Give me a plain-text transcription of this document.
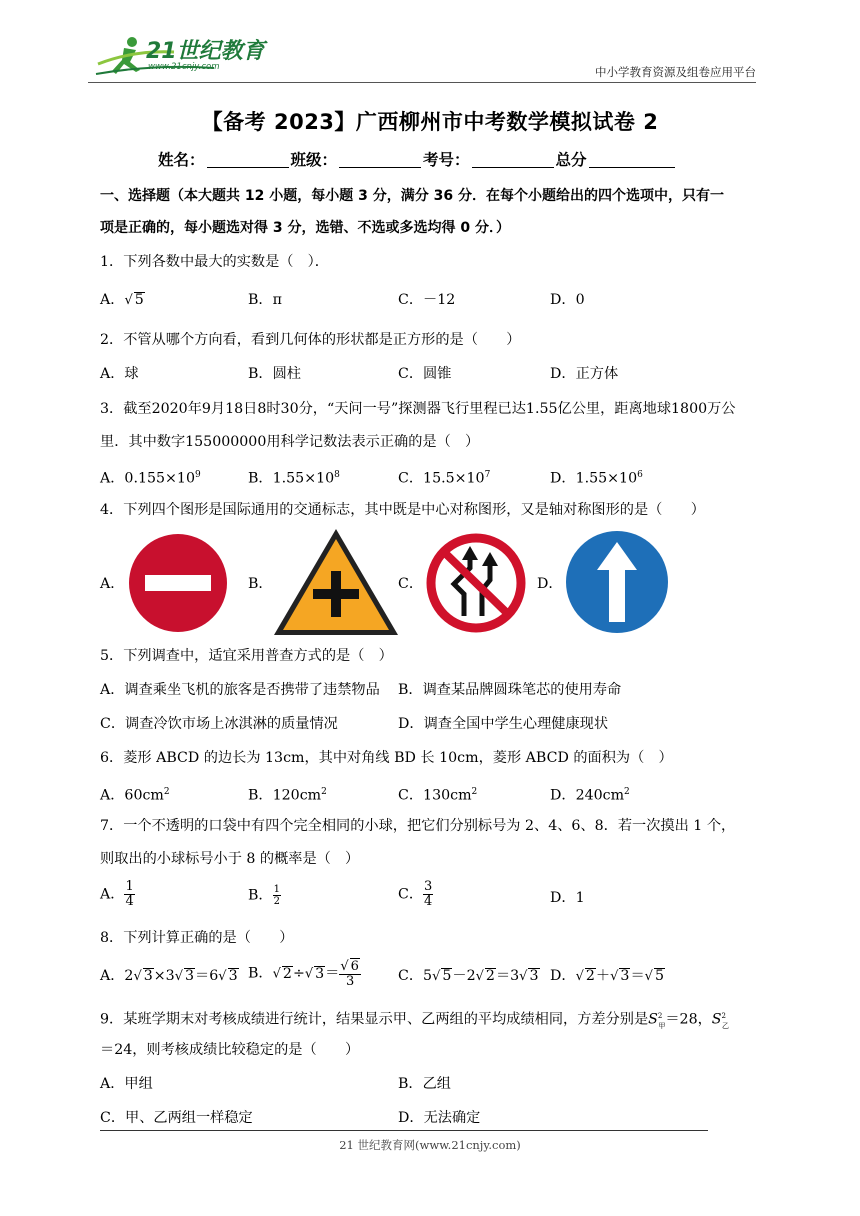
21世纪教育
www.21cnjy.com	中小学教育资源及组卷应用平台
【备考 2023】广西柳州市中考数学模拟试卷 2
姓名：	班级：	考号：	总分
一、选择题（本大题共 12 小题，每小题 3 分，满分 36 分．在每个小题给出的四个选项中，只有一
项是正确的，每小题选对得 3 分，选错、不选或多选均得 0 分．）
1．下列各数中最大的实数是（　）．
A．√ 5	B．π	C．－12	D．0
2．不管从哪个方向看，看到几何体的形状都是正方形的是（　　）
A．球	B．圆柱	C．圆锥	D．正方体
3．截至2020年9月18日8时30分，“天问一号”探测器飞行里程已达1.55亿公里，距离地球1800万公
里．其中数字155000000用科学记数法表示正确的是（　）
A．$0.155\times 10^9$	B．$1.55\times 10^8$	C．$15.5\times 10^7$	D．$1.55\times 10^6$
4．下列四个图形是国际通用的交通标志，其中既是中心对称图形，又是轴对称图形的是（　　）
A．	B．	C．	D．
5．下列调查中，适宜采用普查方式的是（　）
A．调查乘坐飞机的旅客是否携带了违禁物品 B．调查某品牌圆珠笔芯的使用寿命
C．调查冷饮市场上冰淇淋的质量情况	D．调查全国中学生心理健康现状
6．菱形 ABCD 的边长为 13cm，其中对角线 BD 长 10cm，菱形 ABCD 的面积为（　）
A．$60cm^2$	B．$120cm^2$	C．$130cm^2$	D．$240cm^2$
7．一个不透明的口袋中有四个完全相同的小球，把它们分别标号为 2、4、6、8．若一次摸出 1 个，
则取出的小球标号小于 8 的概率是（　）
A． $\frac{1}{4}$	B． $\frac{1}{2}$	C． $\frac{3}{4}$	D．1
8．下列计算正确的是（　　）
A．2√ 3×3√ 3＝6√ 3 B．√ 2÷√ $3= \frac{√ 6}{3}$	C．5√ 5－2√ 2＝3√ 3 D．√ 2＋√ 3＝√ 5
9．某班学期末对考核成绩进行统计，结果显示甲、乙两组的平均成绩相同，方差分别是$S^2_甲=28$，$S^2_乙$
＝24，则考核成绩比较稳定的是（　　）
A．甲组	B．乙组
C．甲、乙两组一样稳定	D．无法确定
21 世纪教育网(www.21cnjy.com)
